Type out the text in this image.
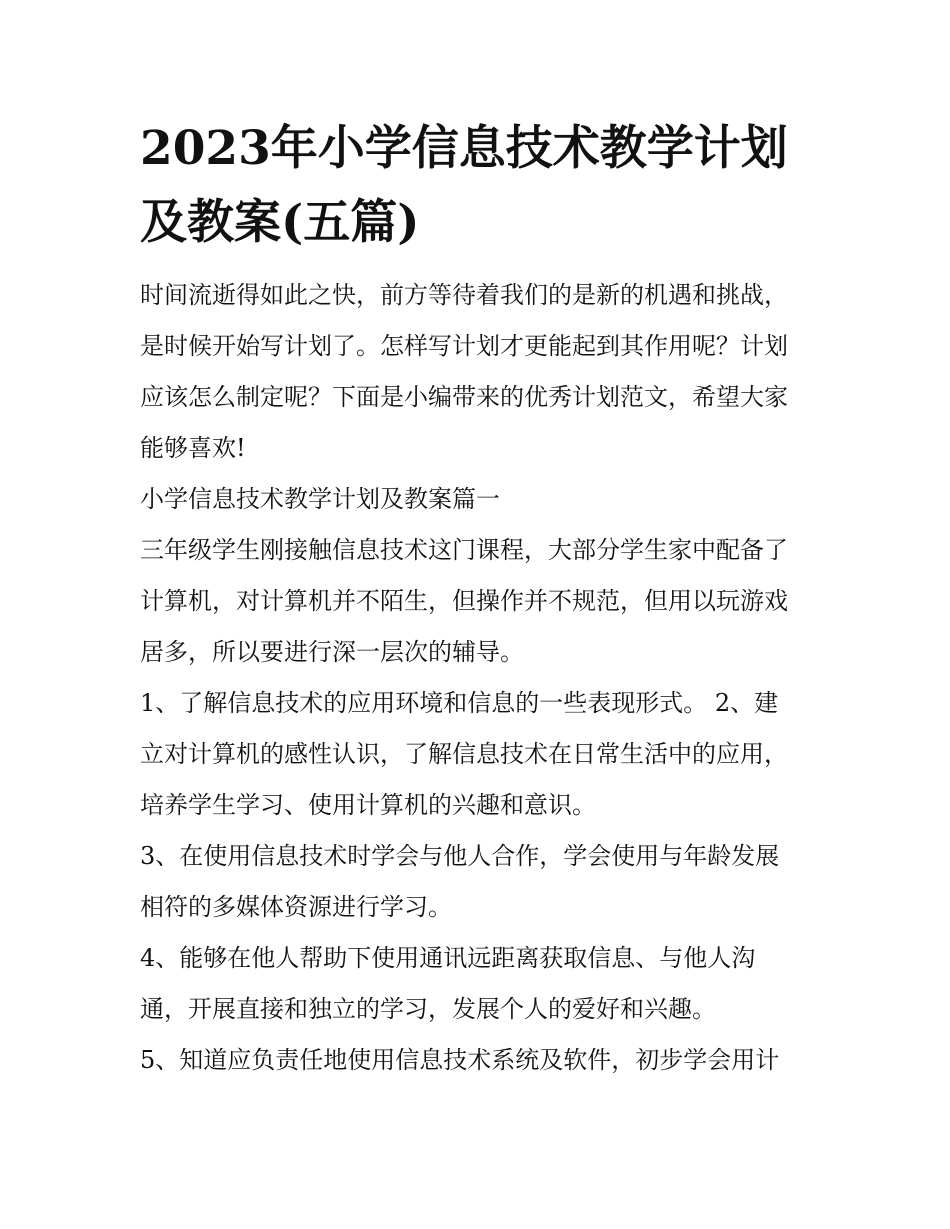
2023年小学信息技术教学计划
及教案(五篇)

时间流逝得如此之快，前方等待着我们的是新的机遇和挑战，
是时候开始写计划了。怎样写计划才更能起到其作用呢？计划
应该怎么制定呢？下面是小编带来的优秀计划范文，希望大家
能够喜欢!

小学信息技术教学计划及教案篇一

三年级学生刚接触信息技术这门课程，大部分学生家中配备了
计算机，对计算机并不陌生，但操作并不规范，但用以玩游戏
居多，所以要进行深一层次的辅导。

1、了解信息技术的应用环境和信息的一些表现形式。 2、建
立对计算机的感性认识，了解信息技术在日常生活中的应用，
培养学生学习、使用计算机的兴趣和意识。

3、在使用信息技术时学会与他人合作，学会使用与年龄发展
相符的多媒体资源进行学习。

4、能够在他人帮助下使用通讯远距离获取信息、与他人沟
通，开展直接和独立的学习，发展个人的爱好和兴趣。

5、知道应负责任地使用信息技术系统及软件，初步学会用计
